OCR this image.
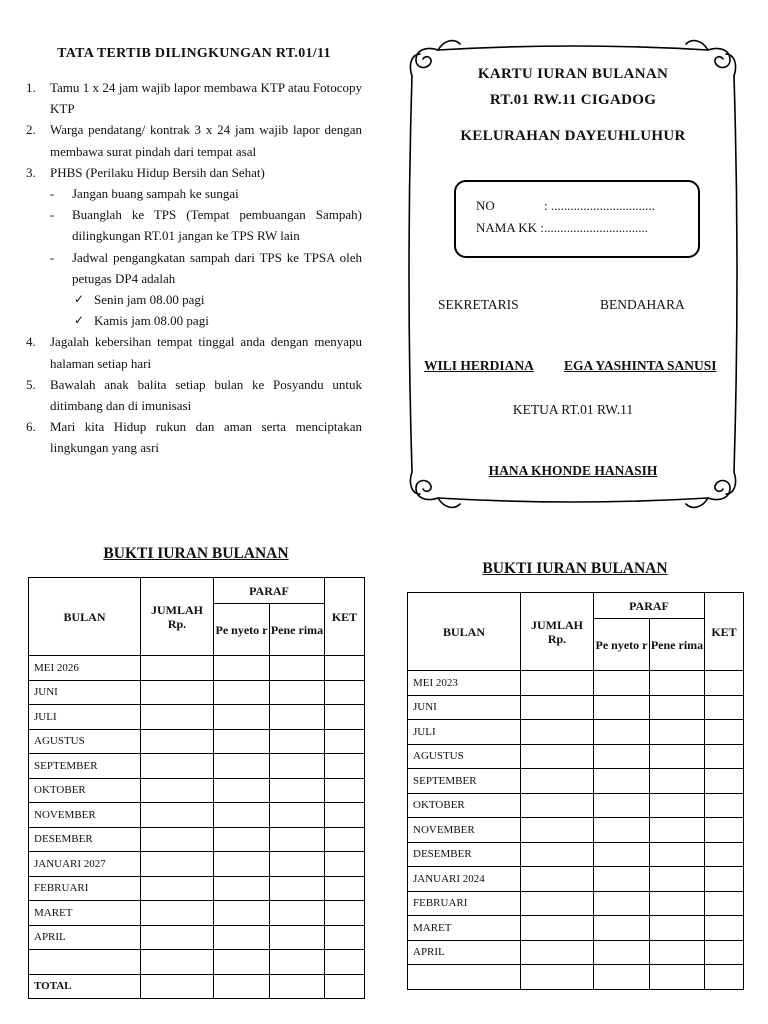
TATA TERTIB DILINGKUNGAN RT.01/11
1. Tamu 1 x 24 jam wajib lapor membawa KTP atau Fotocopy KTP
2. Warga pendatang/ kontrak 3 x 24 jam wajib lapor dengan membawa surat pindah dari tempat asal
3. PHBS (Perilaku Hidup Bersih dan Sehat)
- Jangan buang sampah ke sungai
- Buanglah ke TPS (Tempat pembuangan Sampah) dilingkungan RT.01 jangan ke TPS RW lain
- Jadwal pengangkatan sampah dari TPS ke TPSA oleh petugas DP4 adalah
✓ Senin jam 08.00 pagi
✓ Kamis jam 08.00 pagi
4. Jagalah kebersihan tempat tinggal anda dengan menyapu halaman setiap hari
5. Bawalah anak balita setiap bulan ke Posyandu untuk ditimbang dan di imunisasi
6. Mari kita Hidup rukun dan aman serta menciptakan lingkungan yang asri
KARTU IURAN BULANAN
RT.01 RW.11 CIGADOG
KELURAHAN DAYEUHLUHUR
NO	: ................................
NAMA KK :................................
SEKRETARIS	BENDAHARA
WILI HERDIANA EGA YASHINTA SANUSI
KETUA RT.01 RW.11
HANA KHONDE HANASIH
BUKTI IURAN BULANAN
BULAN	JUMLAH Rp.	PARAF		KET
		Pe nyeto r	Pene rima	
MEI 2026				
JUNI				
JULI				
AGUSTUS				
SEPTEMBER				
OKTOBER				
NOVEMBER				
DESEMBER				
JANUARI 2027				
FEBRUARI				
MARET				
APRIL				

TOTAL				
BUKTI IURAN BULANAN
BULAN	JUMLAH Rp.	PARAF		KET
		Pe nyeto r	Pene rima	
MEI 2023				
JUNI				
JULI				
AGUSTUS				
SEPTEMBER				
OKTOBER				
NOVEMBER				
DESEMBER				
JANUARI 2024				
FEBRUARI				
MARET				
APRIL				
